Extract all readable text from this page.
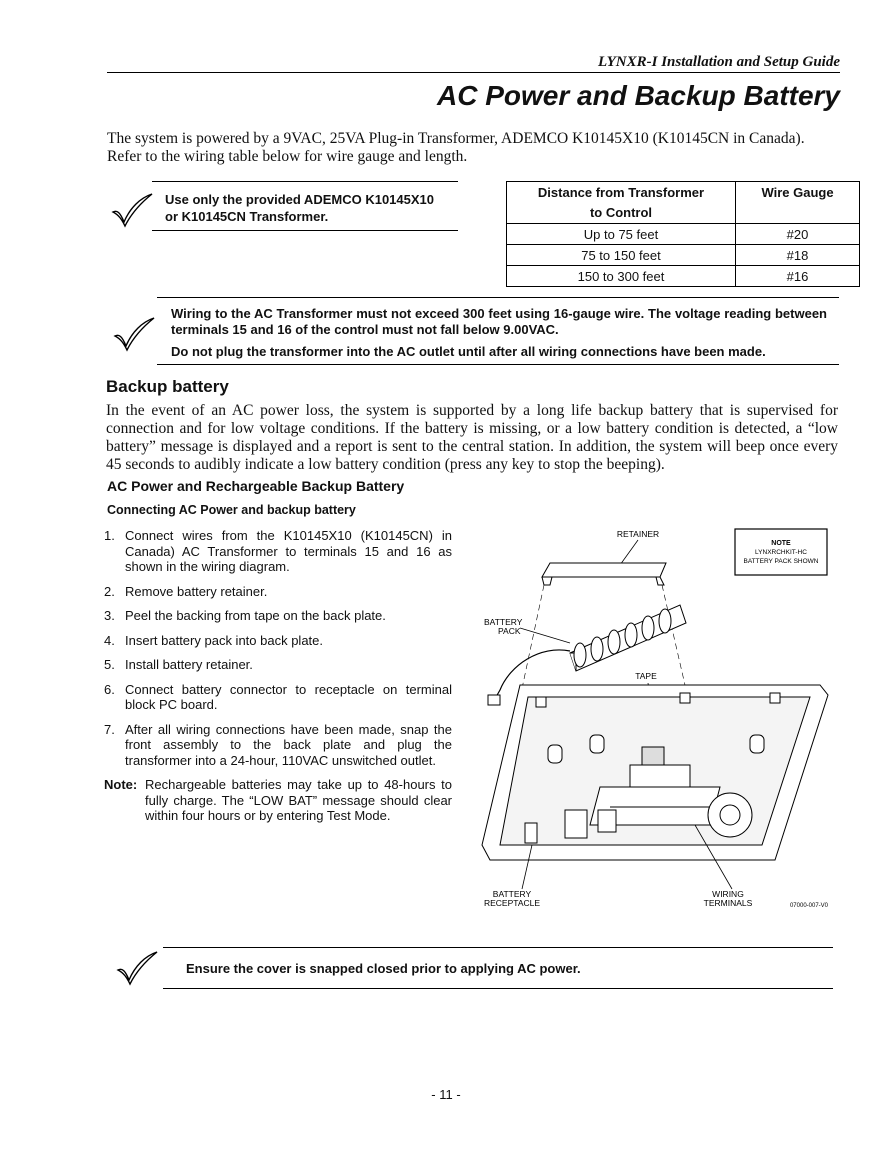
LYNXR-I Installation and Setup Guide
AC Power and Backup Battery
The system is powered by a 9VAC, 25VA Plug-in Transformer, ADEMCO K10145X10 (K10145CN in Canada). Refer to the wiring table below for wire gauge and length.
Use only the provided ADEMCO K10145X10
or K10145CN Transformer.
Distance from Transformer
to Control	Wire Gauge
Up to 75 feet	#20
75 to 150 feet	#18
150 to 300 feet	#16

Wiring to the AC Transformer must not exceed 300 feet using 16-gauge wire. The voltage reading between terminals 15 and 16 of the control must not fall below 9.00VAC.

Do not plug the transformer into the AC outlet until after all wiring connections have been made.

Backup battery
In the event of an AC power loss, the system is supported by a long life backup battery that is supervised for connection and for low voltage conditions. If the battery is missing, or a low battery condition is detected, a “low battery” message is displayed and a report is sent to the central station. In addition, the system will beep once every 45 seconds to audibly indicate a low battery condition (press any key to stop the beeping).
AC Power and Rechargeable Backup Battery
Connecting AC Power and backup battery
1. Connect wires from the K10145X10 (K10145CN) in Canada) AC Transformer to terminals 15 and 16 as shown in the wiring diagram.
2. Remove battery retainer.
3. Peel the backing from tape on the back plate.
4. Insert battery pack into back plate.
5. Install battery retainer.
6. Connect battery connector to receptacle on terminal block PC board.
7. After all wiring connections have been made, snap the front assembly to the back plate and plug the transformer into a 24-hour, 110VAC unswitched outlet.
Note: Rechargeable batteries may take up to 48-hours to fully charge. The “LOW BAT” message should clear within four hours or by entering Test Mode.
NOTE
LYNXRCHKIT-HC
BATTERY PACK SHOWN
RETAINER
BATTERY
PACK
TAPE
BATTERY
RECEPTACLE
WIRING
TERMINALS	07000-007-V0
Ensure the cover is snapped closed prior to applying AC power.
- 11 -
